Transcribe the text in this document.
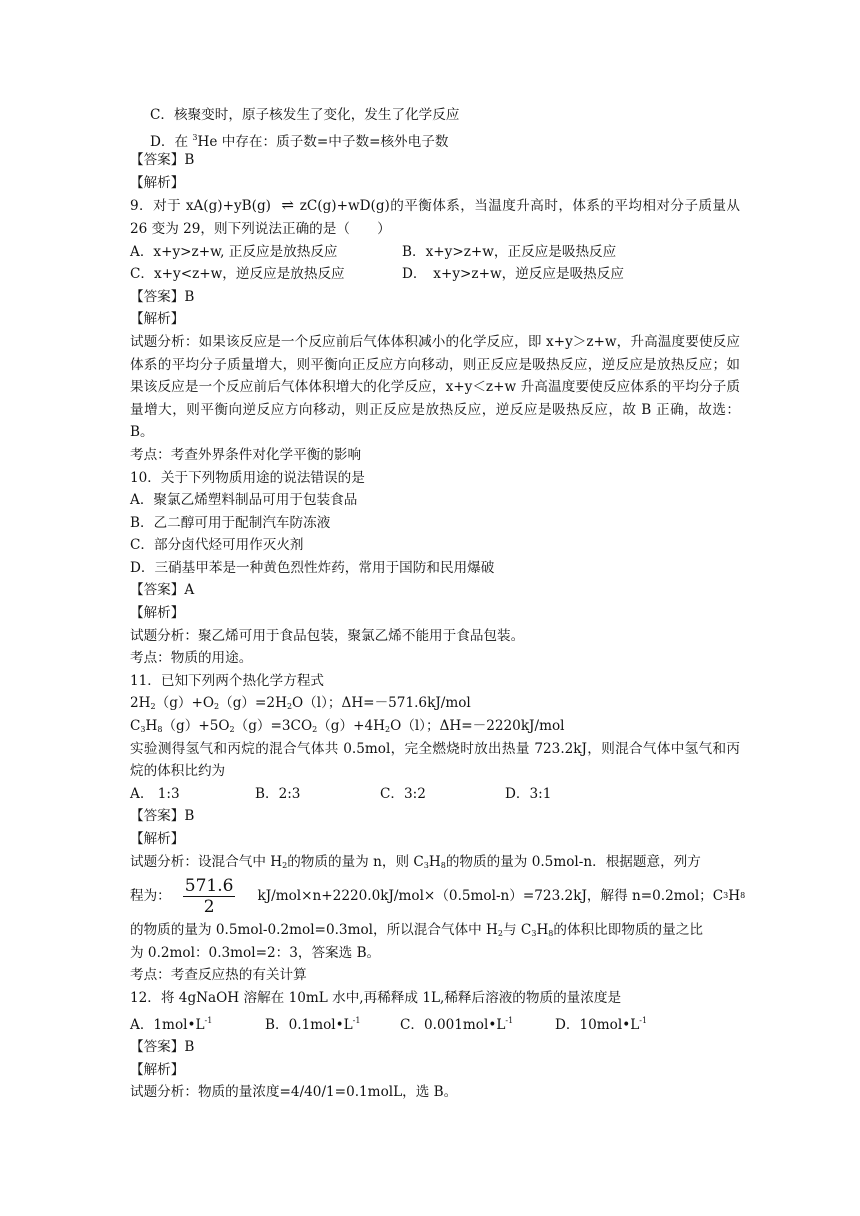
C．核聚变时，原子核发生了变化，发生了化学反应
D．在 $^3$He 中存在：质子数=中子数=核外电子数
【答案】B
【解析】
9．对于 xA(g)+yB(g) ⇌ zC(g)+wD(g)的平衡体系，当温度升高时，体系的平均相对分子质量从 26 变为 29，则下列说法正确的是（　　）
A．x+y>z+w, 正反应是放热反应	B．x+y>z+w，正反应是吸热反应
C．x+y<z+w，逆反应是放热反应	D．　x+y>z+w，逆反应是吸热反应
【答案】B
【解析】
试题分析：如果该反应是一个反应前后气体体积减小的化学反应，即 x+y＞z+w，升高温度要使反应体系的平均分子质量增大，则平衡向正反应方向移动，则正反应是吸热反应，逆反应是放热反应；如果该反应是一个反应前后气体体积增大的化学反应，x+y＜z+w 升高温度要使反应体系的平均分子质量增大，则平衡向逆反应方向移动，则正反应是放热反应，逆反应是吸热反应，故 B 正确，故选：B。
考点：考查外界条件对化学平衡的影响
10．关于下列物质用途的说法错误的是
A．聚氯乙烯塑料制品可用于包装食品
B．乙二醇可用于配制汽车防冻液
C．部分卤代烃可用作灭火剂
D．三硝基甲苯是一种黄色烈性炸药，常用于国防和民用爆破
【答案】A
【解析】
试题分析：聚乙烯可用于食品包装，聚氯乙烯不能用于食品包装。
考点：物质的用途。
11．已知下列两个热化学方程式
$2H_2(g)+O_2(g)=2H_2O(l)$；ΔH=－571.6kJ/mol
$C_3H_8(g)+5O_2(g)=3CO_2(g)+4H_2O(l)$；ΔH=－2220kJ/mol
实验测得氢气和丙烷的混合气体共 0.5mol，完全燃烧时放出热量 723.2kJ，则混合气体中氢气和丙烷的体积比约为
A.　1:3	B．2:3	C．3:2	D．3:1
【答案】B
【解析】
试题分析：设混合气中 $H_2$的物质的量为 n，则 $C_3H_8$的物质的量为 0.5mol-n．根据题意，列方
程为： $\frac{571.6}{2} kJ/mol\times n+2220.0kJ/mol\times(0.5mol-n)=723.2kJ$，解得 n=0.2mol；C 3 H 8
的物质的量为 0.5mol-0.2mol=0.3mol，所以混合气体中 $H_2$与 $C_3H_8$的体积比即物质的量之比
为 0.2mol：0.3mol=2：3，答案选 B。
考点：考查反应热的有关计算
12．将 4gNaOH 溶解在 10mL 水中,再稀释成 1L,稀释后溶液的物质的量浓度是
A．$1mol•L^{-1}$	B．$0.1mol•L^{-1}$	C．$0.001mol•L^{-1}$	D．$10mol•L^{-1}$
【答案】B
【解析】
试题分析：物质的量浓度=4/40/1=0.1molL，选 B。
